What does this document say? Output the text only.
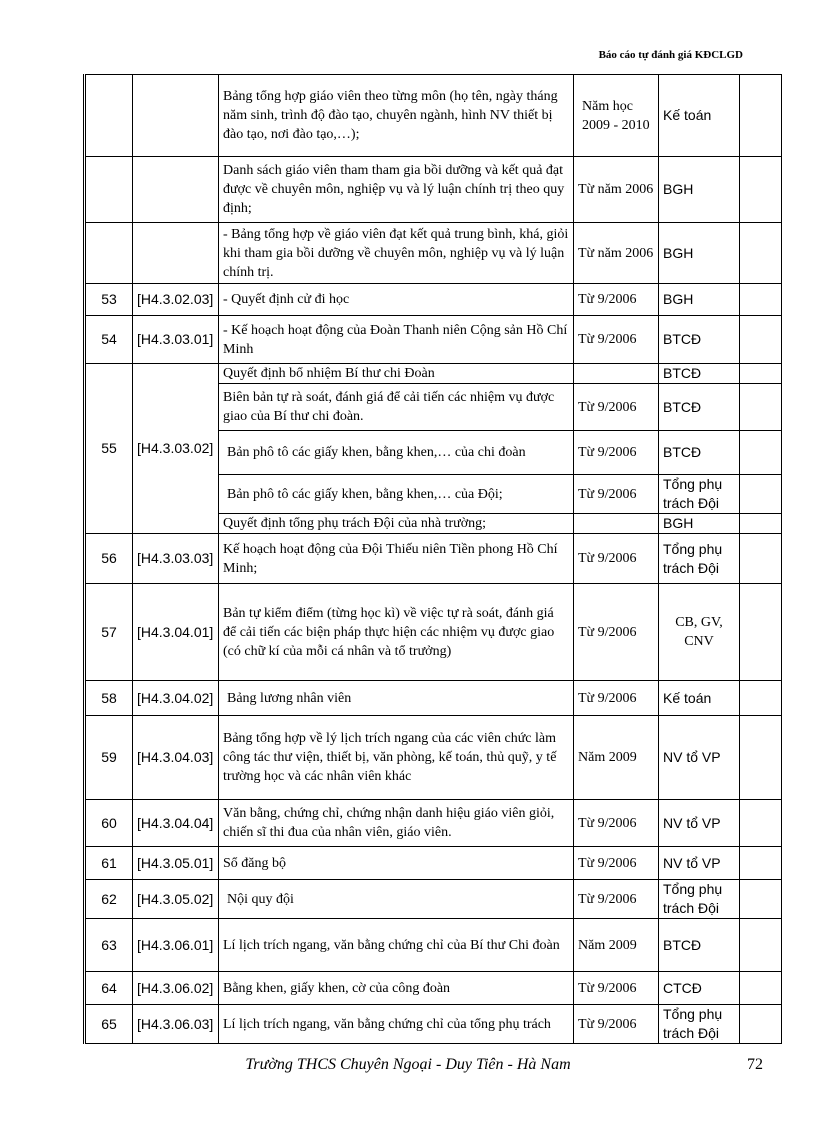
Báo cáo tự đánh giá KĐCLGD
		Bảng tổng hợp giáo viên theo từng môn (họ tên, ngày tháng năm sinh, trình độ đào tạo, chuyên ngành, hình NV thiết bị đào tạo, nơi đào tạo,…);	Năm học 2009 - 2010	Kế toán	
		Danh sách giáo viên tham tham gia bồi dưỡng và kết quả đạt được về chuyên môn, nghiệp vụ và lý luận chính trị theo quy định;	Từ năm 2006	BGH	
		- Bảng tổng hợp về giáo viên đạt kết quả trung bình, khá, giỏi khi tham gia bồi dưỡng về chuyên môn, nghiệp vụ và lý luận chính trị.	Từ năm 2006	BGH	
53	[H4.3.02.03]	- Quyết định cử đi học	Từ 9/2006	BGH	
54	[H4.3.03.01]	- Kế hoạch hoạt động của Đoàn Thanh niên Cộng sản Hồ Chí Minh	Từ 9/2006	BTCĐ	
55	[H4.3.03.02]	Quyết định bổ nhiệm Bí thư chi Đoàn		BTCĐ	
		Biên bản tự rà soát, đánh giá để cải tiến các nhiệm vụ được giao của Bí thư chi đoàn.	Từ 9/2006	BTCĐ	
		Bản phô tô các giấy khen, bằng khen,… của chi đoàn	Từ 9/2006	BTCĐ	
		Bản phô tô các giấy khen, bằng khen,… của Đội;	Từ 9/2006	Tổng phụ trách Đội	
		Quyết định tổng phụ trách Đội của nhà trường;		BGH	
56	[H4.3.03.03]	Kế hoạch hoạt động của Đội Thiếu niên Tiền phong Hồ Chí Minh;	Từ 9/2006	Tổng phụ trách Đội	
57	[H4.3.04.01]	Bản tự kiểm điểm (từng học kì) về việc tự rà soát, đánh giá để cải tiến các biện pháp thực hiện các nhiệm vụ được giao (có chữ kí của mỗi cá nhân và tổ trưởng)	Từ 9/2006	CB, GV, CNV	
58	[H4.3.04.02]	Bảng lương nhân viên	Từ 9/2006	Kế toán	
59	[H4.3.04.03]	Bảng tổng hợp về lý lịch trích ngang của các viên chức làm công tác thư viện, thiết bị, văn phòng, kế toán, thủ quỹ, y tế trường học và các nhân viên khác	Năm 2009	NV tổ VP	
60	[H4.3.04.04]	Văn bằng, chứng chỉ, chứng nhận danh hiệu giáo viên giỏi, chiến sĩ thi đua của nhân viên, giáo viên.	Từ 9/2006	NV tổ VP	
61	[H4.3.05.01]	Sổ đăng bộ	Từ 9/2006	NV tổ VP	
62	[H4.3.05.02]	Nội quy đội	Từ 9/2006	Tổng phụ trách Đội	
63	[H4.3.06.01]	Lí lịch trích ngang, văn bằng chứng chỉ của Bí thư Chi đoàn	Năm 2009	BTCĐ	
64	[H4.3.06.02]	Bằng khen, giấy khen, cờ của công đoàn	Từ 9/2006	CTCĐ	
65	[H4.3.06.03]	Lí lịch trích ngang, văn bằng chứng chỉ của tổng phụ trách	Từ 9/2006	Tổng phụ trách Đội	
Trường THCS Chuyên Ngoại - Duy Tiên - Hà Nam	72
